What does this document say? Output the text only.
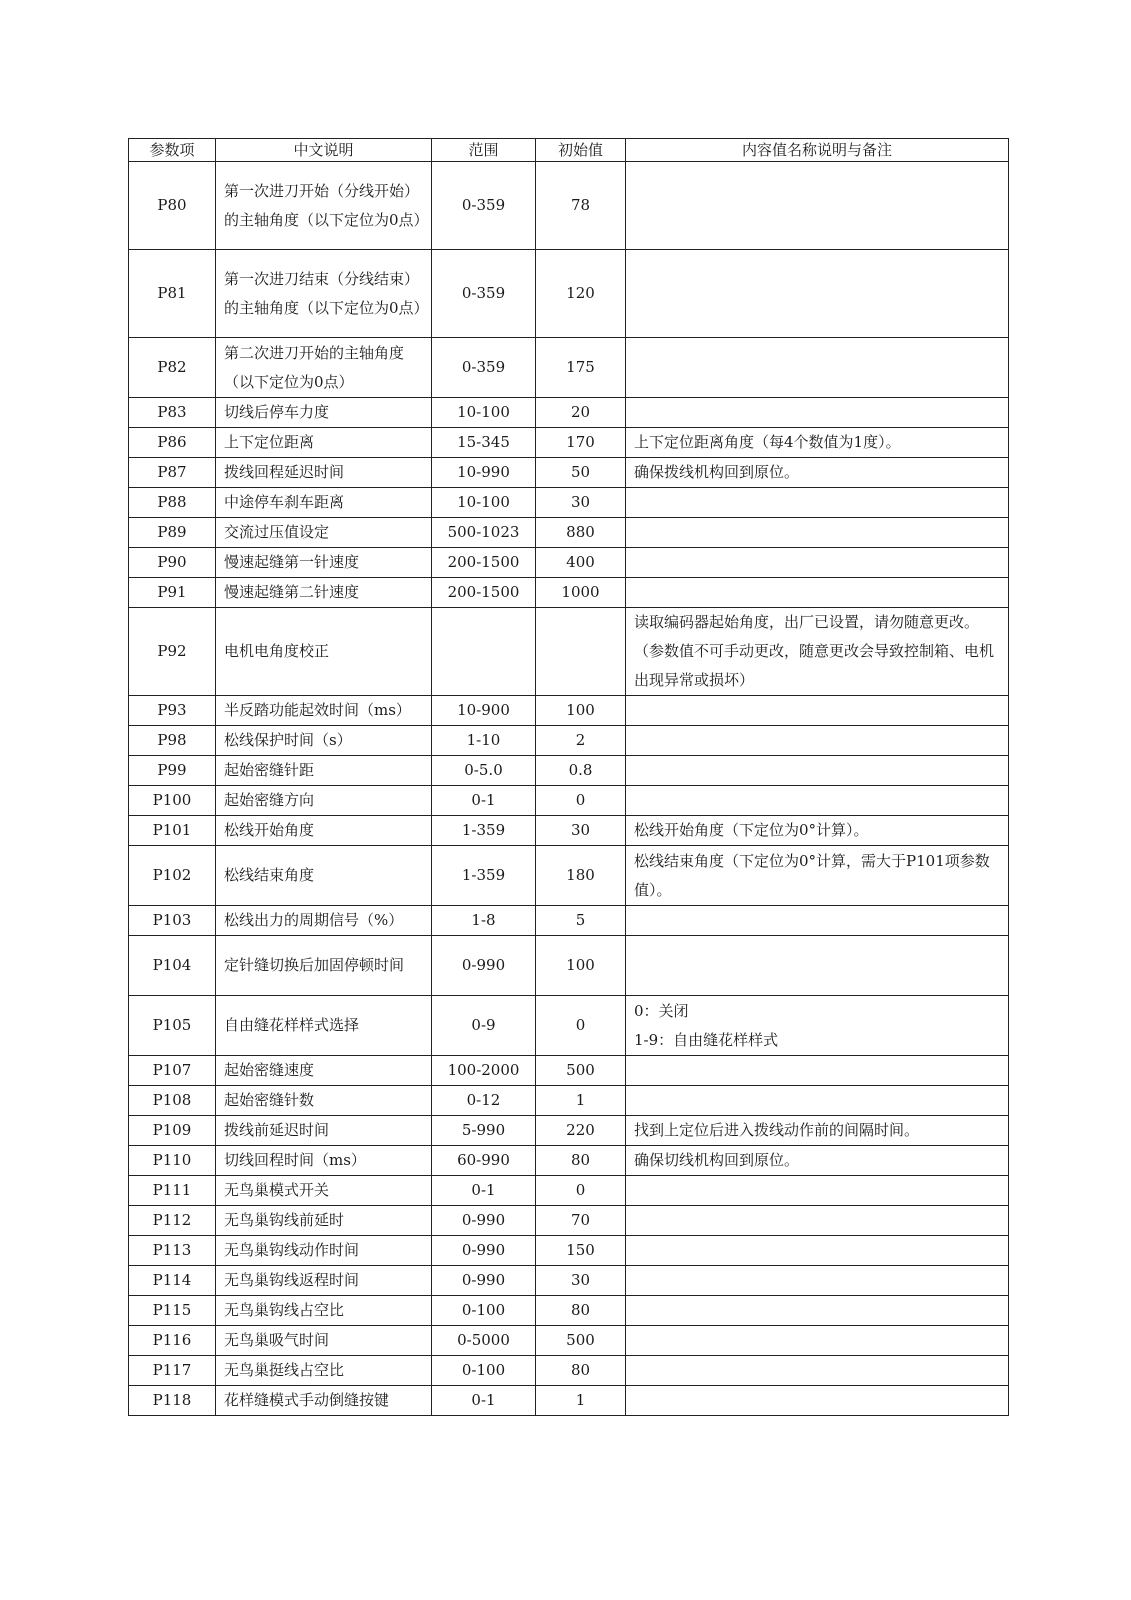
参数项	中文说明	范围	初始值	内容值名称说明与备注
P80	第一次进刀开始（分线开始）的主轴角度（以下定位为0点）	0-359	78	
P81	第一次进刀结束（分线结束）的主轴角度（以下定位为0点）	0-359	120	
P82	第二次进刀开始的主轴角度（以下定位为0点）	0-359	175	
P83	切线后停车力度	10-100	20	
P86	上下定位距离	15-345	170	上下定位距离角度（每4个数值为1度）。
P87	拨线回程延迟时间	10-990	50	确保拨线机构回到原位。
P88	中途停车刹车距离	10-100	30	
P89	交流过压值设定	500-1023	880	
P90	慢速起缝第一针速度	200-1500	400	
P91	慢速起缝第二针速度	200-1500	1000	
P92	电机电角度校正			读取编码器起始角度，出厂已设置，请勿随意更改。（参数值不可手动更改，随意更改会导致控制箱、电机出现异常或损坏）
P93	半反踏功能起效时间（ms）	10-900	100	
P98	松线保护时间（s）	1-10	2	
P99	起始密缝针距	0-5.0	0.8	
P100	起始密缝方向	0-1	0	
P101	松线开始角度	1-359	30	松线开始角度（下定位为0°计算）。
P102	松线结束角度	1-359	180	松线结束角度（下定位为0°计算，需大于P101项参数值）。
P103	松线出力的周期信号（%）	1-8	5	
P104	定针缝切换后加固停顿时间	0-990	100	
P105	自由缝花样样式选择	0-9	0	0：关闭
1-9：自由缝花样样式

P107	起始密缝速度	100-2000	500	
P108	起始密缝针数	0-12	1	
P109	拨线前延迟时间	5-990	220	找到上定位后进入拨线动作前的间隔时间。
P110	切线回程时间（ms）	60-990	80	确保切线机构回到原位。
P111	无鸟巢模式开关	0-1	0	
P112	无鸟巢钩线前延时	0-990	70	
P113	无鸟巢钩线动作时间	0-990	150	
P114	无鸟巢钩线返程时间	0-990	30	
P115	无鸟巢钩线占空比	0-100	80	
P116	无鸟巢吸气时间	0-5000	500	
P117	无鸟巢挺线占空比	0-100	80	
P118	花样缝模式手动倒缝按键	0-1	1	
